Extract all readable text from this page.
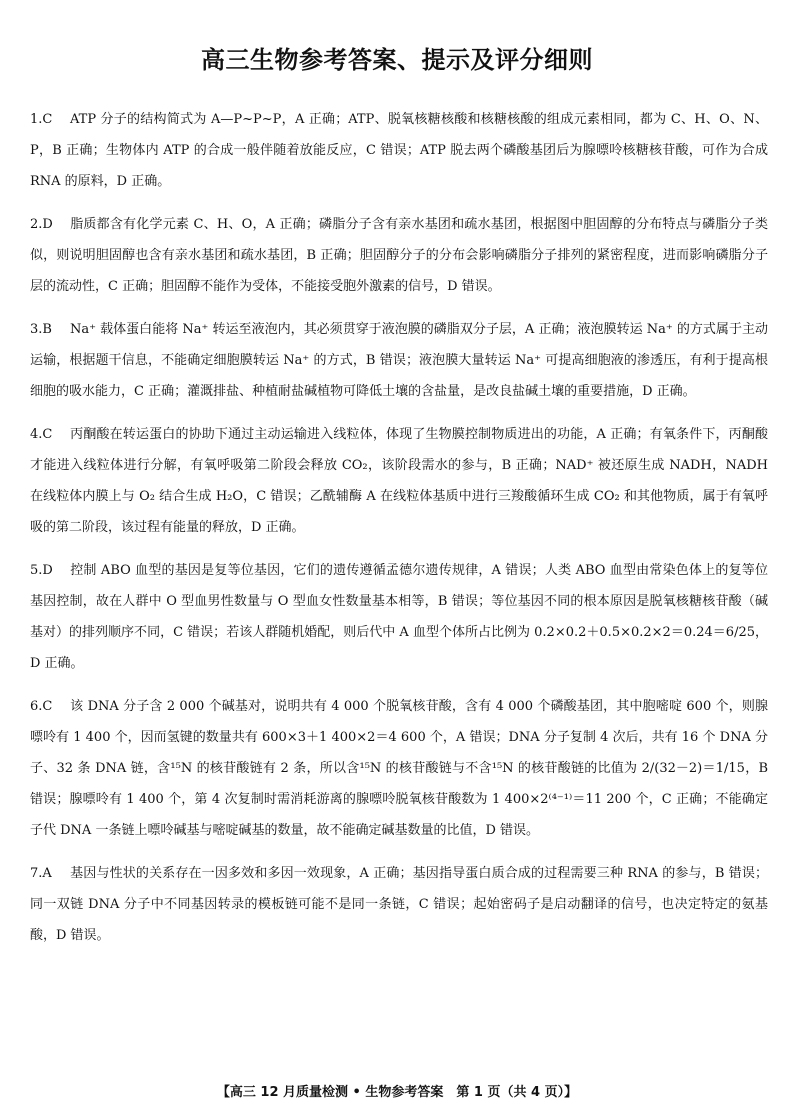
高三生物参考答案、提示及评分细则

1.C ATP 分子的结构简式为 A—P~P~P，A 正确；ATP、脱氧核糖核酸和核糖核酸的组成元素相同，都为 C、H、O、N、P，B 正确；生物体内 ATP 的合成一般伴随着放能反应，C 错误；ATP 脱去两个磷酸基团后为腺嘌呤核糖核苷酸，可作为合成 RNA 的原料，D 正确。

2.D 脂质都含有化学元素 C、H、O，A 正确；磷脂分子含有亲水基团和疏水基团，根据图中胆固醇的分布特点与磷脂分子类似，则说明胆固醇也含有亲水基团和疏水基团，B 正确；胆固醇分子的分布会影响磷脂分子排列的紧密程度，进而影响磷脂分子层的流动性，C 正确；胆固醇不能作为受体，不能接受胞外激素的信号，D 错误。

3.B Na⁺ 载体蛋白能将 Na⁺ 转运至液泡内，其必须贯穿于液泡膜的磷脂双分子层，A 正确；液泡膜转运 Na⁺ 的方式属于主动运输，根据题干信息，不能确定细胞膜转运 Na⁺ 的方式，B 错误；液泡膜大量转运 Na⁺ 可提高细胞液的渗透压，有利于提高根细胞的吸水能力，C 正确；灌溉排盐、种植耐盐碱植物可降低土壤的含盐量，是改良盐碱土壤的重要措施，D 正确。

4.C 丙酮酸在转运蛋白的协助下通过主动运输进入线粒体，体现了生物膜控制物质进出的功能，A 正确；有氧条件下，丙酮酸才能进入线粒体进行分解，有氧呼吸第二阶段会释放 CO₂，该阶段需水的参与，B 正确；NAD⁺ 被还原生成 NADH，NADH 在线粒体内膜上与 O₂ 结合生成 H₂O，C 错误；乙酰辅酶 A 在线粒体基质中进行三羧酸循环生成 CO₂ 和其他物质，属于有氧呼吸的第二阶段，该过程有能量的释放，D 正确。

5.D 控制 ABO 血型的基因是复等位基因，它们的遗传遵循孟德尔遗传规律，A 错误；人类 ABO 血型由常染色体上的复等位基因控制，故在人群中 O 型血男性数量与 O 型血女性数量基本相等，B 错误；等位基因不同的根本原因是脱氧核糖核苷酸（碱基对）的排列顺序不同，C 错误；若该人群随机婚配，则后代中 A 血型个体所占比例为 0.2×0.2＋0.5×0.2×2＝0.24＝6/25，D 正确。

6.C 该 DNA 分子含 2 000 个碱基对，说明共有 4 000 个脱氧核苷酸，含有 4 000 个磷酸基团，其中胞嘧啶 600 个，则腺嘌呤有 1 400 个，因而氢键的数量共有 600×3＋1 400×2＝4 600 个，A 错误；DNA 分子复制 4 次后，共有 16 个 DNA 分子、32 条 DNA 链，含¹⁵N 的核苷酸链有 2 条，所以含¹⁵N 的核苷酸链与不含¹⁵N 的核苷酸链的比值为 2/(32－2)＝1/15，B 错误；腺嘌呤有 1 400 个，第 4 次复制时需消耗游离的腺嘌呤脱氧核苷酸数为 1 400×2⁽⁴⁻¹⁾＝11 200 个，C 正确；不能确定子代 DNA 一条链上嘌呤碱基与嘧啶碱基的数量，故不能确定碱基数量的比值，D 错误。

7.A 基因与性状的关系存在一因多效和多因一效现象，A 正确；基因指导蛋白质合成的过程需要三种 RNA 的参与，B 错误；同一双链 DNA 分子中不同基因转录的模板链可能不是同一条链，C 错误；起始密码子是启动翻译的信号，也决定特定的氨基酸，D 错误。

【高三 12 月质量检测 • 生物参考答案　第 1 页（共 4 页）】
